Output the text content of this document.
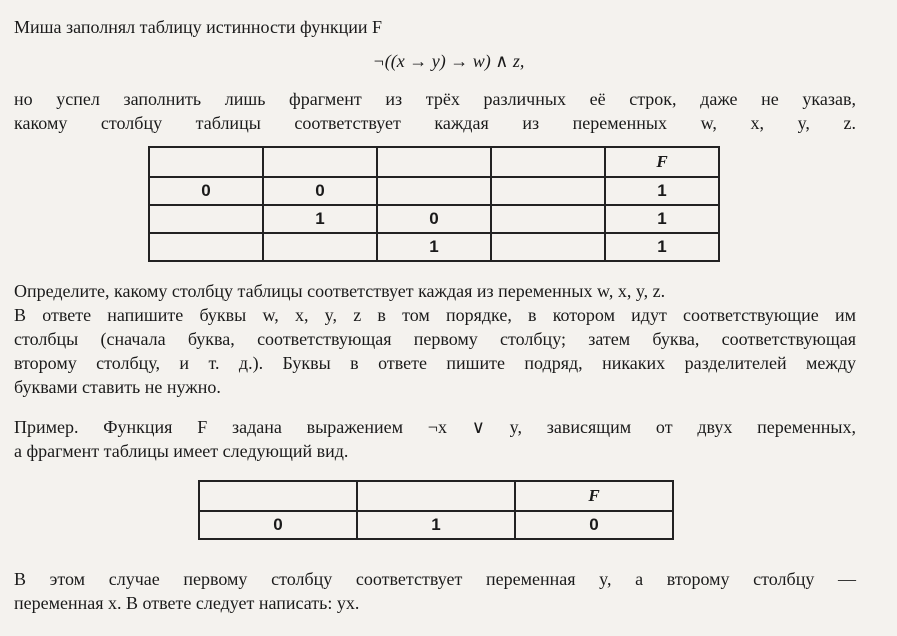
Миша заполнял таблицу истинности функции F
¬((x → y) → w) ∧ z,
но успел заполнить лишь фрагмент из трёх различных её строк, даже не указав,
какому столбцу таблицы соответствует каждая из переменных w, x, y, z.
				F
0	0			1
	1	0		1
		1		1
Определите, какому столбцу таблицы соответствует каждая из переменных w, x, y, z.
В ответе напишите буквы w, x, y, z в том порядке, в котором идут соответствующие им
столбцы (сначала буква, соответствующая первому столбцу; затем буква, соответствующая
второму столбцу, и т. д.). Буквы в ответе пишите подряд, никаких разделителей между
буквами ставить не нужно.
Пример. Функция F задана выражением ¬x ∨ y, зависящим от двух переменных,
а фрагмент таблицы имеет следующий вид.
		F
0	1	0
В этом случае первому столбцу соответствует переменная y, а второму столбцу —
переменная x. В ответе следует написать: yx.
